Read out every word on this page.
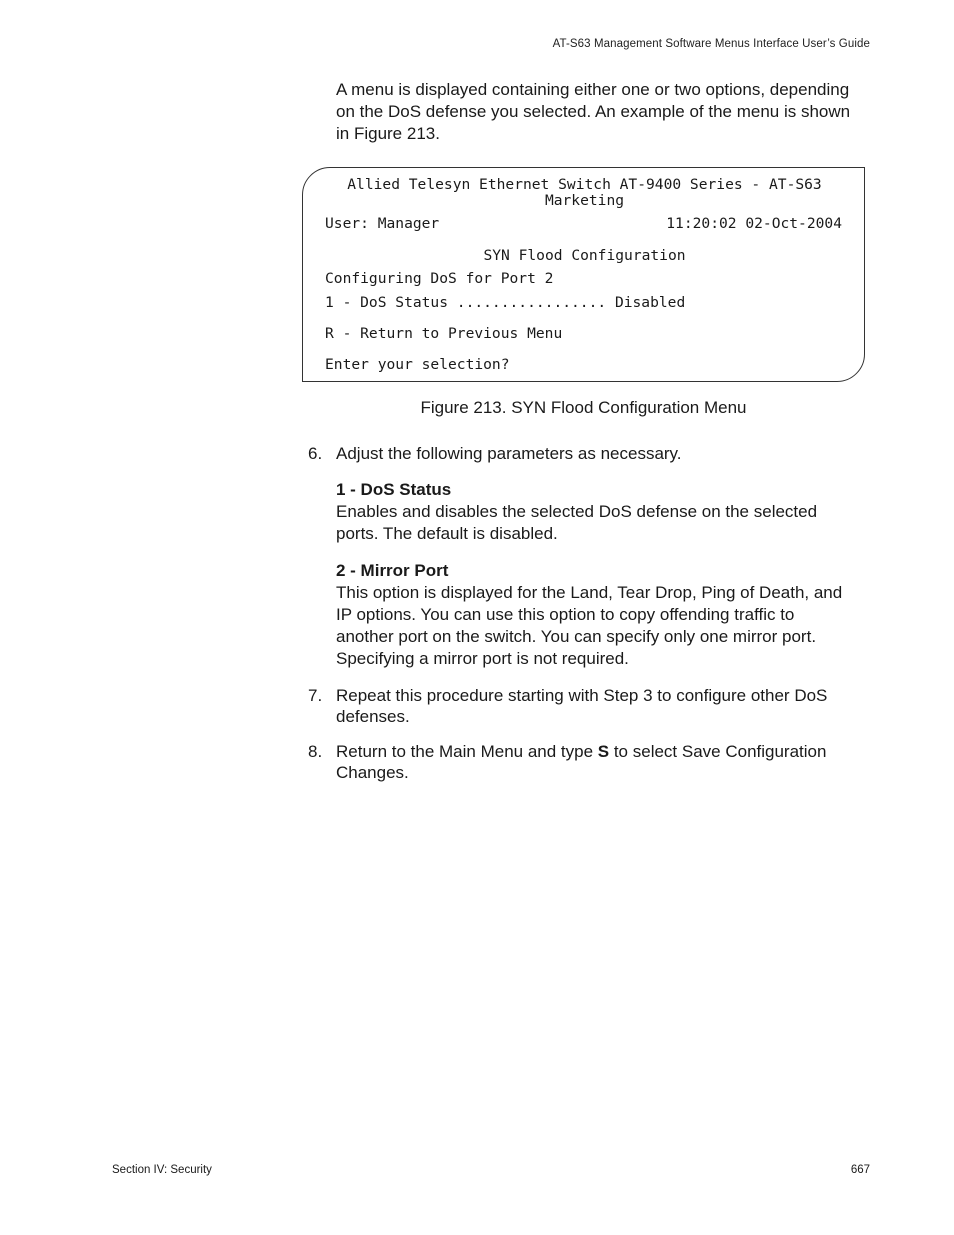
AT-S63 Management Software Menus Interface User’s Guide
A menu is displayed containing either one or two options, depending on the DoS defense you selected. An example of the menu is shown in Figure 213.
Allied Telesyn Ethernet Switch AT-9400 Series - AT-S63
Marketing
User: Manager	11:20:02 02-Oct-2004
SYN Flood Configuration
Configuring DoS for Port 2
1 - DoS Status ................. Disabled
R - Return to Previous Menu
Enter your selection?
Figure 213. SYN Flood Configuration Menu
6. Adjust the following parameters as necessary.
1 - DoS Status
Enables and disables the selected DoS defense on the selected ports. The default is disabled.
2 - Mirror Port
This option is displayed for the Land, Tear Drop, Ping of Death, and IP options. You can use this option to copy offending traffic to another port on the switch. You can specify only one mirror port. Specifying a mirror port is not required.
7. Repeat this procedure starting with Step 3 to configure other DoS defenses.
8. Return to the Main Menu and type S to select Save Configuration Changes.
Section IV: Security	667
